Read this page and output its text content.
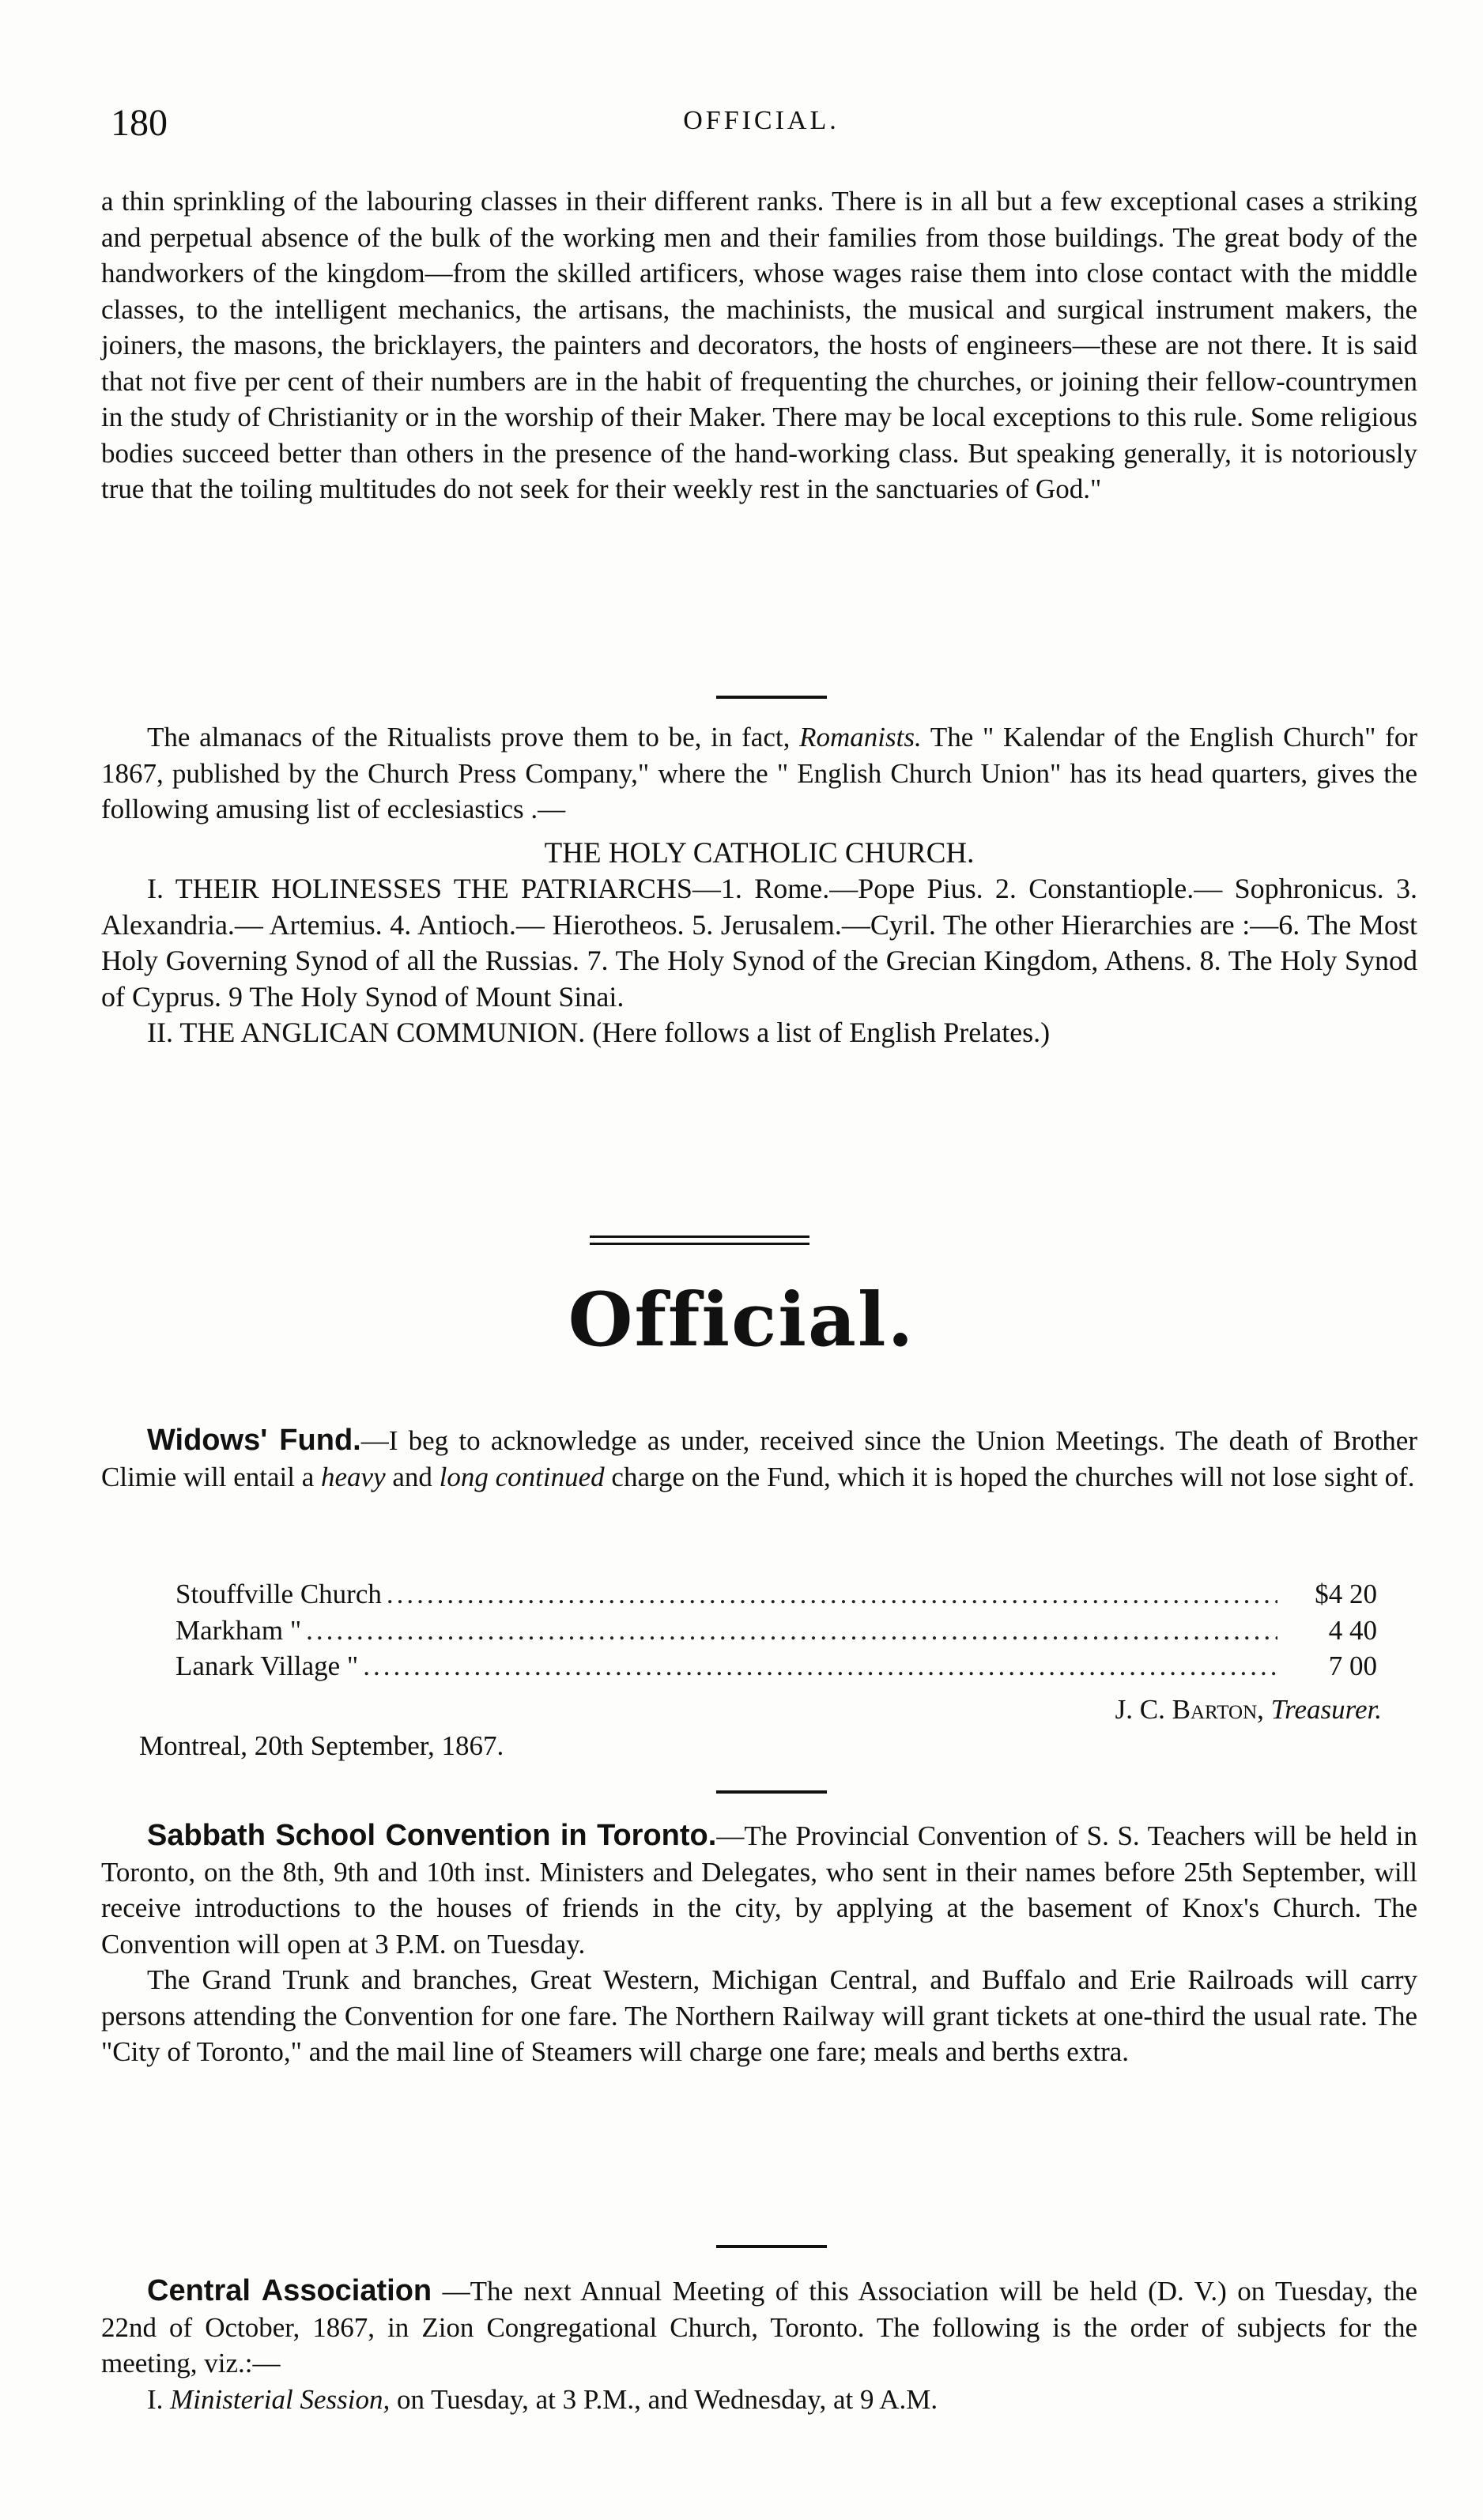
180	OFFICIAL.

a thin sprinkling of the labouring classes in their different ranks. There is in all but a few exceptional cases a striking and perpetual absence of the bulk of the working men and their families from those buildings. The great body of the handworkers of the kingdom—from the skilled artificers, whose wages raise them into close contact with the middle classes, to the intelligent mechanics, the artisans, the machinists, the musical and surgical instrument makers, the joiners, the masons, the bricklayers, the painters and decorators, the hosts of engineers—these are not there. It is said that not five per cent of their numbers are in the habit of frequenting the churches, or joining their fellow-countrymen in the study of Christianity or in the worship of their Maker. There may be local exceptions to this rule. Some religious bodies succeed better than others in the presence of the hand-working class. But speaking generally, it is notoriously true that the toiling multitudes do not seek for their weekly rest in the sanctuaries of God."

The almanacs of the Ritualists prove them to be, in fact, Romanists. The " Kalendar of the English Church" for 1867, published by the Church Press Company," where the " English Church Union" has its head quarters, gives the following amusing list of ecclesiastics .—

THE HOLY CATHOLIC CHURCH.

I. THEIR HOLINESSES THE PATRIARCHS—1. Rome.—Pope Pius. 2. Constantiople.— Sophronicus. 3. Alexandria.— Artemius. 4. Antioch.— Hierotheos. 5. Jerusalem.—Cyril. The other Hierarchies are :—6. The Most Holy Governing Synod of all the Russias. 7. The Holy Synod of the Grecian Kingdom, Athens. 8. The Holy Synod of Cyprus. 9 The Holy Synod of Mount Sinai.

II. THE ANGLICAN COMMUNION. (Here follows a list of English Prelates.)

Official.

Widows' Fund.—I beg to acknowledge as under, received since the Union Meetings. The death of Brother Climie will entail a heavy and long continued charge on the Fund, which it is hoped the churches will not lose sight of.

Stouffville Church .....	$4 20
Markham " .....	4 40
Lanark Village " .....	7 00
J. C. Barton, Treasurer.
Montreal, 20th September, 1867.

Sabbath School Convention in Toronto.—The Provincial Convention of S. S. Teachers will be held in Toronto, on the 8th, 9th and 10th inst. Ministers and Delegates, who sent in their names before 25th September, will receive introductions to the houses of friends in the city, by applying at the basement of Knox's Church. The Convention will open at 3 P.M. on Tuesday.

The Grand Trunk and branches, Great Western, Michigan Central, and Buffalo and Erie Railroads will carry persons attending the Convention for one fare. The Northern Railway will grant tickets at one-third the usual rate. The "City of Toronto," and the mail line of Steamers will charge one fare; meals and berths extra.

Central Association —The next Annual Meeting of this Association will be held (D. V.) on Tuesday, the 22nd of October, 1867, in Zion Congregational Church, Toronto. The following is the order of subjects for the meeting, viz.:—

I. Ministerial Session, on Tuesday, at 3 P.M., and Wednesday, at 9 A.M.
